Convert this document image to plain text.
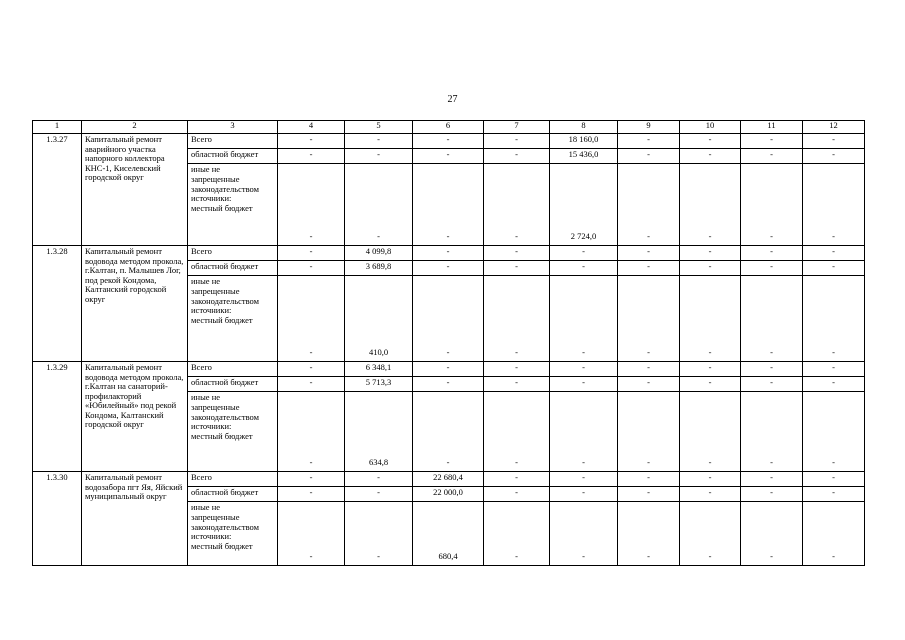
27
1	2	3	4	5	6	7	8	9	10	11	12
1.3.27	Капитальный ремонт аварийного участка напорного коллектора КНС-1, Киселевский городской округ	Всего	-	-	-	-	18 160,0	-	-	-	-
		областной бюджет	-	-	-	-	15 436,0	-	-	-	-

		иные не
запрещенные
законодательством
источники:
местный бюджет	-	-	-	-	2 724,0	-	-	-	-
1.3.28	Капитальный ремонт водовода методом прокола, г.Калтан, п. Малышев Лог, под рекой Кондома, Калтанский городской округ	Всего	-	4 099,8	-	-	-	-	-	-	-
		областной бюджет	-	3 689,8	-	-	-	-	-	-	-

		иные не
запрещенные
законодательством
источники:
местный бюджет	-	410,0	-	-	-	-	-	-	-
1.3.29	Капитальный ремонт водовода методом прокола, г.Калтан на санаторий-профилакторий «Юбилейный» под рекой Кондома, Калтанский городской округ	Всего	-	6 348,1	-	-	-	-	-	-	-
		областной бюджет	-	5 713,3	-	-	-	-	-	-	-

		иные не
запрещенные
законодательством
источники:
местный бюджет	-	634,8	-	-	-	-	-	-	-
1.3.30	Капитальный ремонт водозабора пгт Яя, Яйский муниципальный округ	Всего	-	-	22 680,4	-	-	-	-	-	-
		областной бюджет	-	-	22 000,0	-	-	-	-	-	-

		иные не
запрещенные
законодательством
источники:
местный бюджет	-	-	680,4	-	-	-	-	-	-
